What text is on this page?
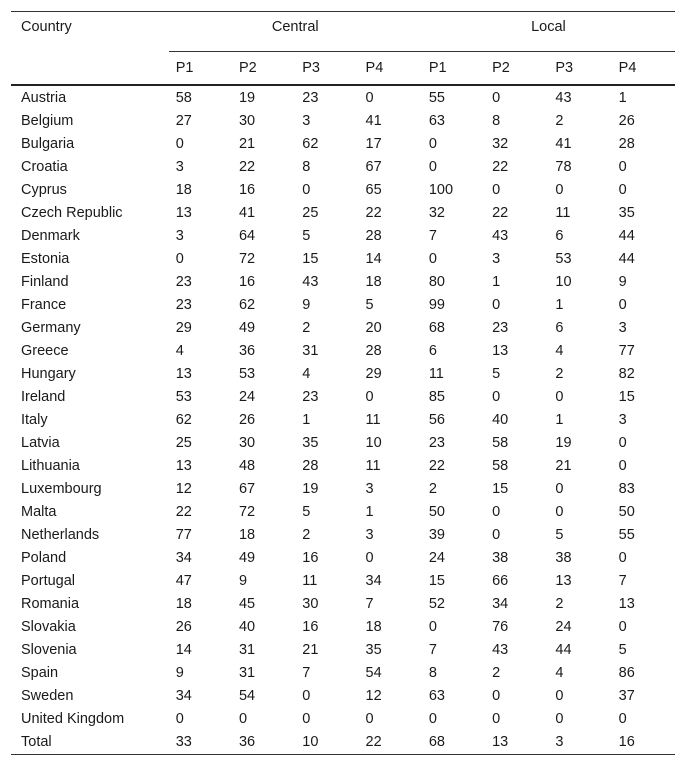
Country	Central				Local			
	P1	P2	P3	P4	P1	P2	P3	P4
Austria	58	19	23	0	55	0	43	1
Belgium	27	30	3	41	63	8	2	26
Bulgaria	0	21	62	17	0	32	41	28
Croatia	3	22	8	67	0	22	78	0
Cyprus	18	16	0	65	100	0	0	0
Czech Republic	13	41	25	22	32	22	11	35
Denmark	3	64	5	28	7	43	6	44
Estonia	0	72	15	14	0	3	53	44
Finland	23	16	43	18	80	1	10	9
France	23	62	9	5	99	0	1	0
Germany	29	49	2	20	68	23	6	3
Greece	4	36	31	28	6	13	4	77
Hungary	13	53	4	29	11	5	2	82
Ireland	53	24	23	0	85	0	0	15
Italy	62	26	1	11	56	40	1	3
Latvia	25	30	35	10	23	58	19	0
Lithuania	13	48	28	11	22	58	21	0
Luxembourg	12	67	19	3	2	15	0	83
Malta	22	72	5	1	50	0	0	50
Netherlands	77	18	2	3	39	0	5	55
Poland	34	49	16	0	24	38	38	0
Portugal	47	9	11	34	15	66	13	7
Romania	18	45	30	7	52	34	2	13
Slovakia	26	40	16	18	0	76	24	0
Slovenia	14	31	21	35	7	43	44	5
Spain	9	31	7	54	8	2	4	86
Sweden	34	54	0	12	63	0	0	37
United Kingdom	0	0	0	0	0	0	0	0
Total	33	36	10	22	68	13	3	16
